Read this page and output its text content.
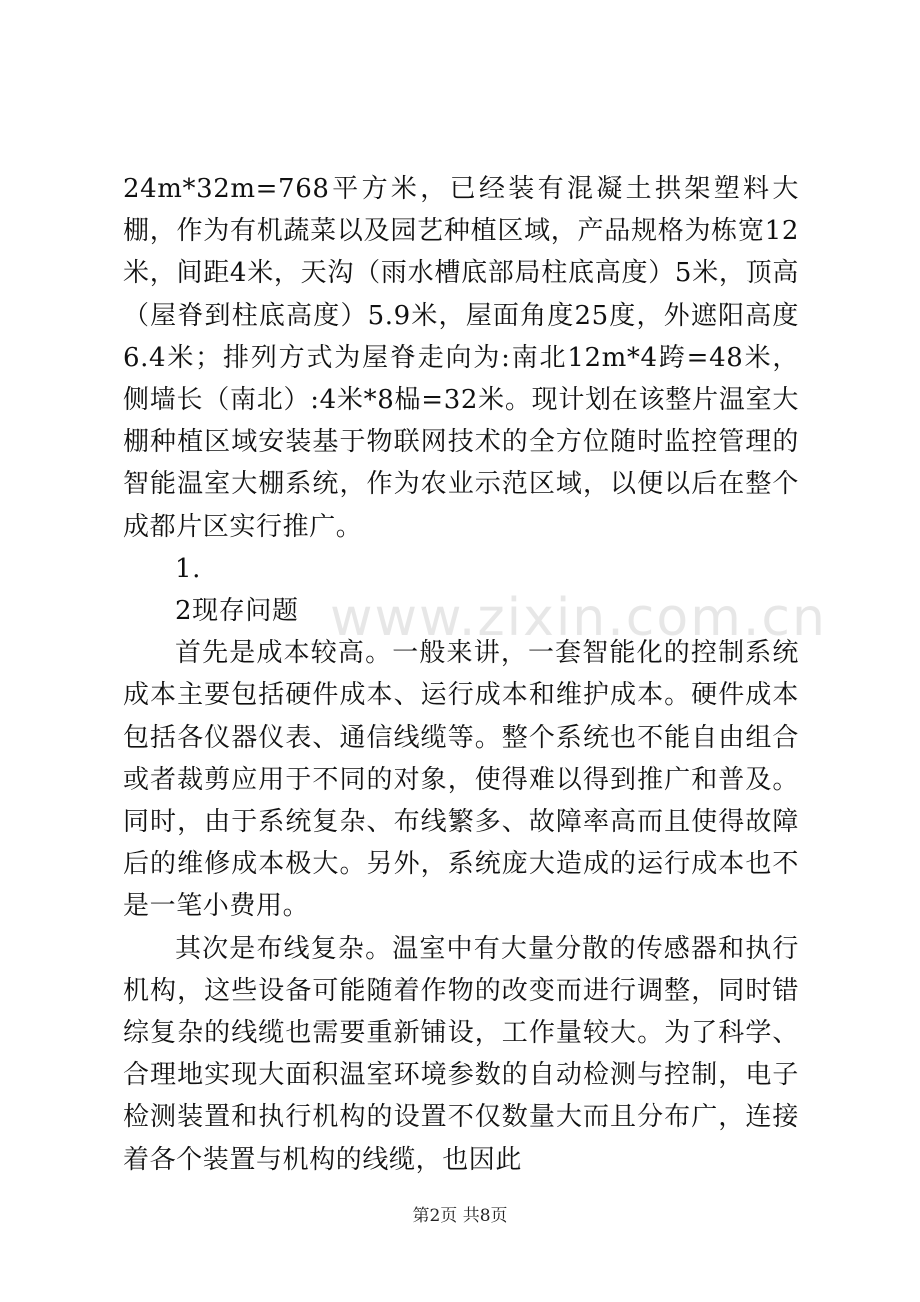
www.zixin.com.cn

24m*32m=768平方米，已经装有混凝土拱架塑料大棚，作为有机蔬菜以及园艺种植区域，产品规格为栋宽12米，间距4米，天沟（雨水槽底部局柱底高度）5米，顶高（屋脊到柱底高度）5.9米，屋面角度25度，外遮阳高度6.4米；排列方式为屋脊走向为:南北12m*4跨=48米，侧墙长（南北）:4米*8榀=32米。现计划在该整片温室大棚种植区域安装基于物联网技术的全方位随时监控管理的智能温室大棚系统，作为农业示范区域，以便以后在整个成都片区实行推广。

1.

2现存问题

首先是成本较高。一般来讲，一套智能化的控制系统成本主要包括硬件成本、运行成本和维护成本。硬件成本包括各仪器仪表、通信线缆等。整个系统也不能自由组合或者裁剪应用于不同的对象，使得难以得到推广和普及。同时，由于系统复杂、布线繁多、故障率高而且使得故障后的维修成本极大。另外，系统庞大造成的运行成本也不是一笔小费用。

其次是布线复杂。温室中有大量分散的传感器和执行机构，这些设备可能随着作物的改变而进行调整，同时错综复杂的线缆也需要重新铺设，工作量较大。为了科学、合理地实现大面积温室环境参数的自动检测与控制，电子检测装置和执行机构的设置不仅数量大而且分布广，连接着各个装置与机构的线缆，也因此

第2页 共8页
